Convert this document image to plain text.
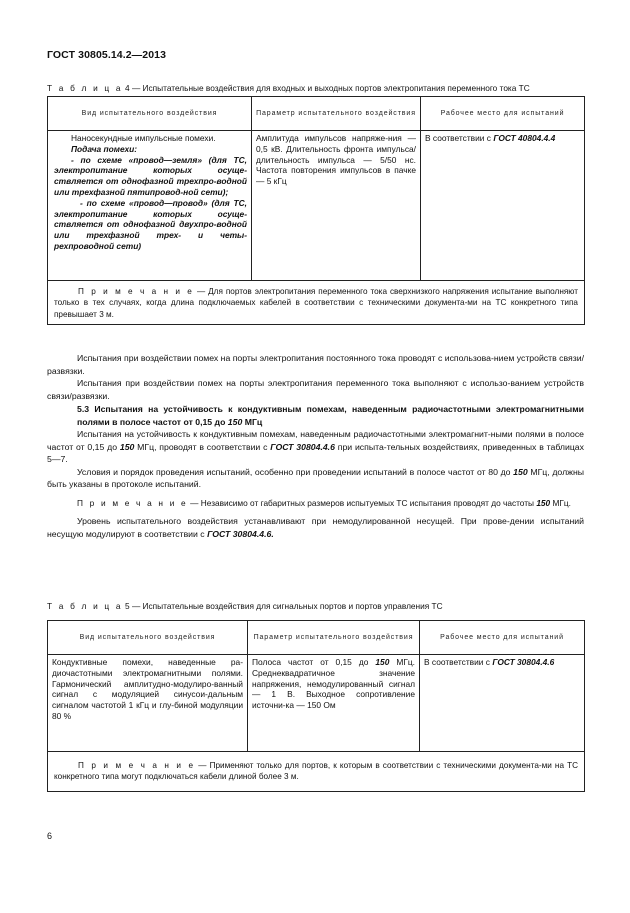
ГОСТ 30805.14.2—2013
Т а б л и ц а 4 — Испытательные воздействия для входных и выходных портов электропитания переменного тока ТС
Вид испытательного воздействия	Параметр испытательного воздействия	Рабочее место для испытаний

Наносекундные импульсные помехи.
Подача помехи:
- по схеме «провод—земля» (для ТС, электропитание которых осуще-ствляется от однофазной трехпро-водной или трехфазной пятипровод-ной сети);
- по схеме «провод—провод» (для ТС, электропитание которых осуще-ствляется от однофазной двухпро-водной или трехфазной трех- и четы-рехпроводной сети)	Амплитуда импульсов напряже-ния — 0,5 кВ. Длительность фронта импульса/ длительность импульса — 5/50 нс. Частота повторения импульсов в пачке — 5 кГц	В соответствии с ГОСТ 40804.4.4

П р и м е ч а н и е — Для портов электропитания переменного тока сверхнизкого напряжения испытание выполняют только в тех случаях, когда длина подключаемых кабелей в соответствии с техническими документа-ми на ТС конкретного типа превышает 3 м.		
Испытания при воздействии помех на порты электропитания постоянного тока проводят с использова-нием устройств связи/развязки.
Испытания при воздействии помех на порты электропитания переменного тока выполняют с использо-ванием устройств связи/развязки.
5.3 Испытания на устойчивость к кондуктивным помехам, наведенным радиочастотными электромагнитными полями в полосе частот от 0,15 до 150 МГц
Испытания на устойчивость к кондуктивным помехам, наведенным радиочастотными электромагнит-ными полями в полосе частот от 0,15 до 150 МГц, проводят в соответствии с ГОСТ 30804.4.6 при испыта-тельных воздействиях, приведенных в таблицах 5—7.
Условия и порядок проведения испытаний, особенно при проведении испытаний в полосе частот от 80 до 150 МГц, должны быть указаны в протоколе испытаний.
П р и м е ч а н и е — Независимо от габаритных размеров испытуемых ТС испытания проводят до частоты 150 МГц.
Уровень испытательного воздействия устанавливают при немодулированной несущей. При прове-дении испытаний несущую модулируют в соответствии с ГОСТ 30804.4.6.
Т а б л и ц а 5 — Испытательные воздействия для сигнальных портов и портов управления ТС
Вид испытательного воздействия	Параметр испытательного воздействия	Рабочее место для испытаний

Кондуктивные помехи, наведенные ра-диочастотными электромагнитными полями. Гармонический амплитудно-модулиро-ванный сигнал с модуляцией синусои-дальным сигналом частотой 1 кГц и глу-биной модуляции 80 %	Полоса частот от 0,15 до 150 МГц. Среднеквадратичное значение напряжения, немодулированный сигнал — 1 В. Выходное сопротивление источни-ка — 150 Ом	В соответствии с ГОСТ 30804.4.6

П р и м е ч а н и е — Применяют только для портов, к которым в соответствии с техническими документа-ми на ТС конкретного типа могут подключаться кабели длиной более 3 м.		
6
